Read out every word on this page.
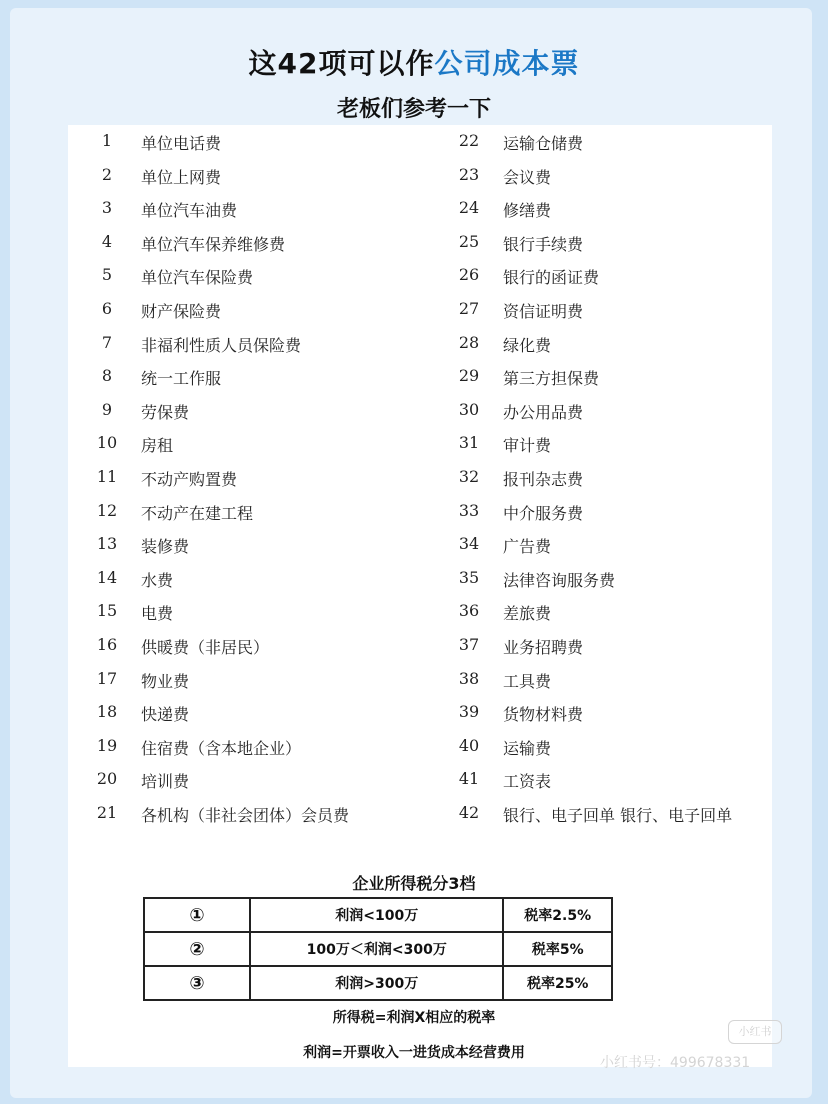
这42项可以作公司成本票
老板们参考一下
1	单位电话费
2	单位上网费
3	单位汽车油费
4	单位汽车保养维修费
5	单位汽车保险费
6	财产保险费
7	非福利性质人员保险费
8	统一工作服
9	劳保费
10 房租
11 不动产购置费
12 不动产在建工程
13 装修费
14 水费
15 电费
16 供暖费（非居民）
17 物业费
18 快递费
19 住宿费（含本地企业）
20 培训费
21 各机构（非社会团体）会员费
22 运输仓储费
23 会议费
24 修缮费
25 银行手续费
26 银行的函证费
27 资信证明费
28 绿化费
29 第三方担保费
30 办公用品费
31 审计费
32 报刊杂志费
33 中介服务费
34 广告费
35 法律咨询服务费
36 差旅费
37 业务招聘费
38 工具费
39 货物材料费
40 运输费
41 工资表
42 银行、电子回单 银行、电子回单
企业所得税分3档
①	利润<100万	税率2.5%
②	100万＜利润<300万	税率5%
③	利润>300万	税率25%
所得税=利润X相应的税率
利润=开票收入一进货成本经营费用
小红书
小红书号：499678331
